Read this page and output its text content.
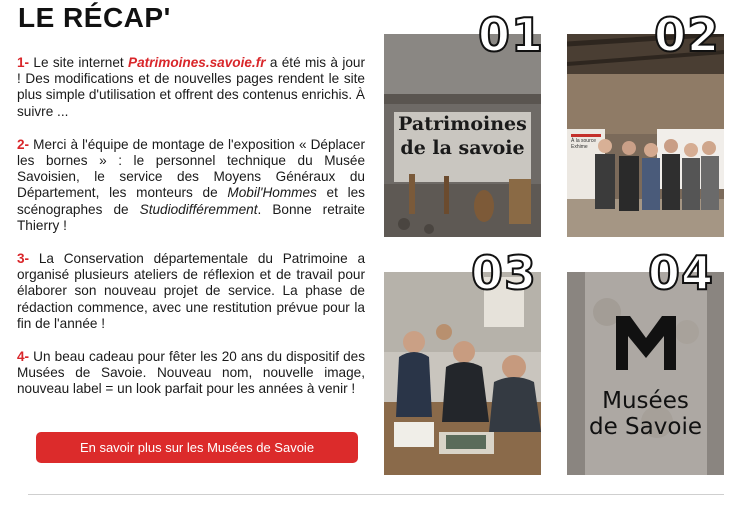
LE RÉCAP'

1- Le site internet Patrimoines.savoie.fr a été mis à jour ! Des modifications et de nouvelles pages rendent le site plus simple d'utilisation et offrent des contenus enrichis. À suivre ...

2- Merci à l'équipe de montage de l'exposition « Déplacer les bornes » : le personnel technique du Musée Savoisien, le service des Moyens Généraux du Département, les monteurs de Mobil'Hommes et les scénographes de Studiodifféremment. Bonne retraite Thierry !

3- La Conservation départementale du Patrimoine a organisé plusieurs ateliers de réflexion et de travail pour élaborer son nouveau projet de service. La phase de rédaction commence, avec une restitution prévue pour la fin de l'année !

4- Un beau cadeau pour fêter les 20 ans du dispositif des Musées de Savoie. Nouveau nom, nouvelle image, nouveau label = un look parfait pour les années à venir !

En savoir plus sur les Musées de Savoie
Patrimoines
de la savoie
01
À la source Exhime
02
03
Musées
de Savoie
04
